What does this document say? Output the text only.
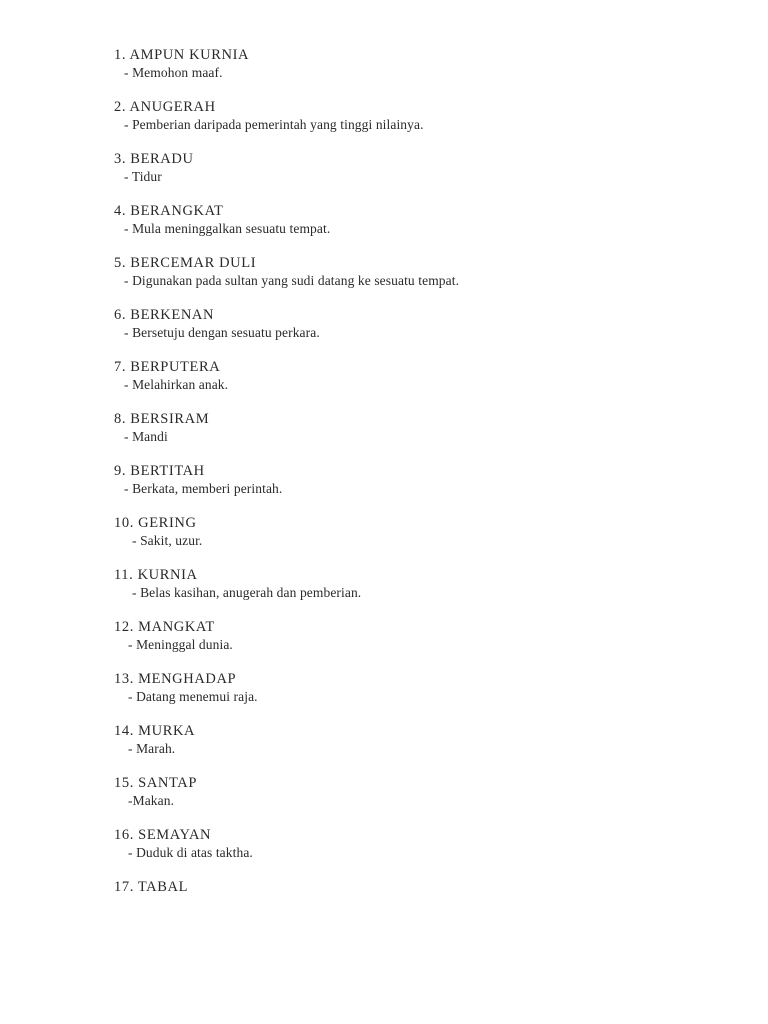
1. AMPUN KURNIA
- Memohon maaf.
2. ANUGERAH
- Pemberian daripada pemerintah yang tinggi nilainya.
3. BERADU
- Tidur
4. BERANGKAT
- Mula meninggalkan sesuatu tempat.
5. BERCEMAR DULI
- Digunakan pada sultan yang sudi datang ke sesuatu tempat.
6. BERKENAN
- Bersetuju dengan sesuatu perkara.
7. BERPUTERA
- Melahirkan anak.
8. BERSIRAM
- Mandi
9. BERTITAH
- Berkata, memberi perintah.
10. GERING
- Sakit, uzur.
11. KURNIA
- Belas kasihan, anugerah dan pemberian.
12. MANGKAT
- Meninggal dunia.
13. MENGHADAP
- Datang menemui raja.
14. MURKA
- Marah.
15. SANTAP
-Makan.
16. SEMAYAN
- Duduk di atas taktha.
17. TABAL
